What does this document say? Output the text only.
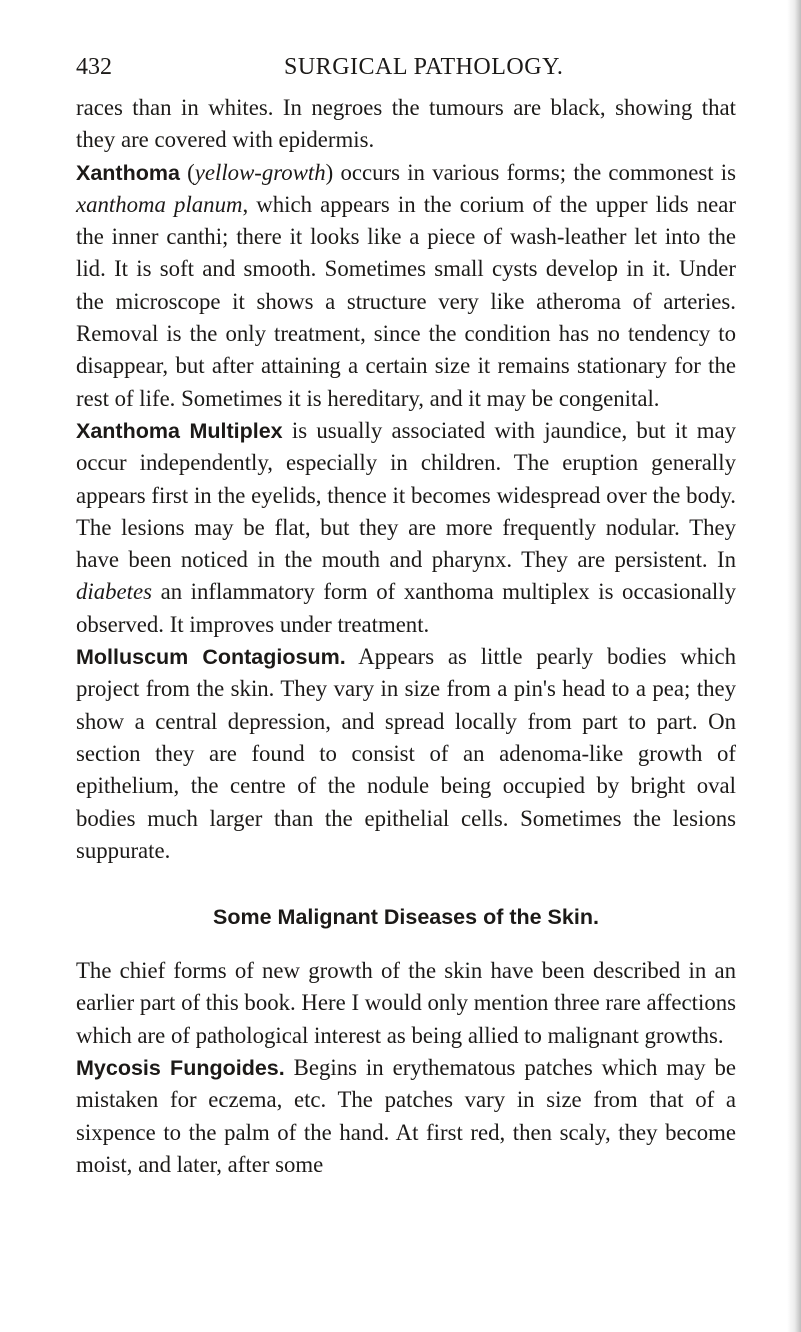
432	SURGICAL PATHOLOGY.

races than in whites. In negroes the tumours are black, showing that they are covered with epidermis.

Xanthoma (yellow-growth) occurs in various forms; the commonest is xanthoma planum, which appears in the corium of the upper lids near the inner canthi; there it looks like a piece of wash-leather let into the lid. It is soft and smooth. Sometimes small cysts develop in it. Under the microscope it shows a structure very like atheroma of arteries. Removal is the only treatment, since the condition has no tendency to disappear, but after attaining a certain size it remains stationary for the rest of life. Sometimes it is hereditary, and it may be congenital.

Xanthoma Multiplex is usually associated with jaundice, but it may occur independently, especially in children. The eruption generally appears first in the eyelids, thence it becomes widespread over the body. The lesions may be flat, but they are more frequently nodular. They have been noticed in the mouth and pharynx. They are persistent. In diabetes an inflammatory form of xanthoma multiplex is occasionally observed. It improves under treatment.

Molluscum Contagiosum. Appears as little pearly bodies which project from the skin. They vary in size from a pin's head to a pea; they show a central depression, and spread locally from part to part. On section they are found to consist of an adenoma-like growth of epithelium, the centre of the nodule being occupied by bright oval bodies much larger than the epithelial cells. Sometimes the lesions suppurate.

Some Malignant Diseases of the Skin.

The chief forms of new growth of the skin have been described in an earlier part of this book. Here I would only mention three rare affections which are of pathological interest as being allied to malignant growths.

Mycosis Fungoides. Begins in erythematous patches which may be mistaken for eczema, etc. The patches vary in size from that of a sixpence to the palm of the hand. At first red, then scaly, they become moist, and later, after some
